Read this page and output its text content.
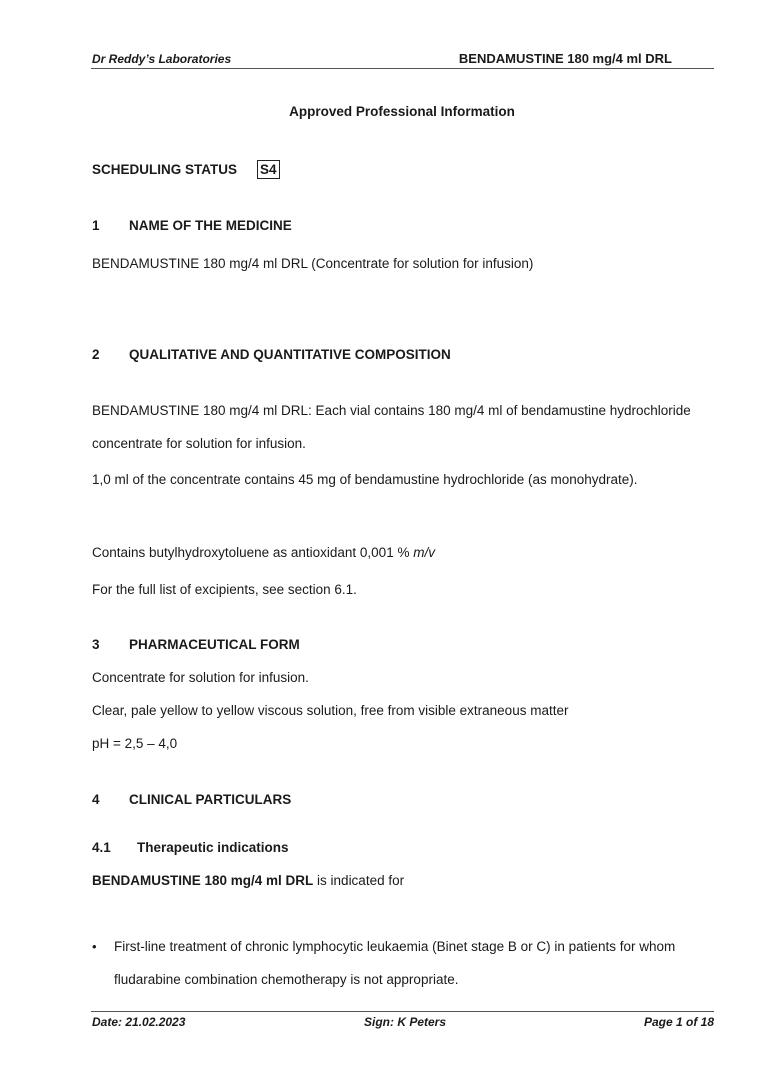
Dr Reddy’s Laboratories	BENDAMUSTINE 180 mg/4 ml DRL
Approved Professional Information
SCHEDULING STATUS S4
1 NAME OF THE MEDICINE
BENDAMUSTINE 180 mg/4 ml DRL (Concentrate for solution for infusion)
2 QUALITATIVE AND QUANTITATIVE COMPOSITION
BENDAMUSTINE 180 mg/4 ml DRL: Each vial contains 180 mg/4 ml of bendamustine hydrochloride
concentrate for solution for infusion.
1,0 ml of the concentrate contains 45 mg of bendamustine hydrochloride (as monohydrate).
Contains butylhydroxytoluene as antioxidant 0,001 % m/v
For the full list of excipients, see section 6.1.
3 PHARMACEUTICAL FORM
Concentrate for solution for infusion.
Clear, pale yellow to yellow viscous solution, free from visible extraneous matter
pH = 2,5 – 4,0
4 CLINICAL PARTICULARS
4.1 Therapeutic indications
BENDAMUSTINE 180 mg/4 ml DRL is indicated for
• First-line treatment of chronic lymphocytic leukaemia (Binet stage B or C) in patients for whom
fludarabine combination chemotherapy is not appropriate.
Date: 21.02.2023	Sign: K Peters	Page 1 of 18
